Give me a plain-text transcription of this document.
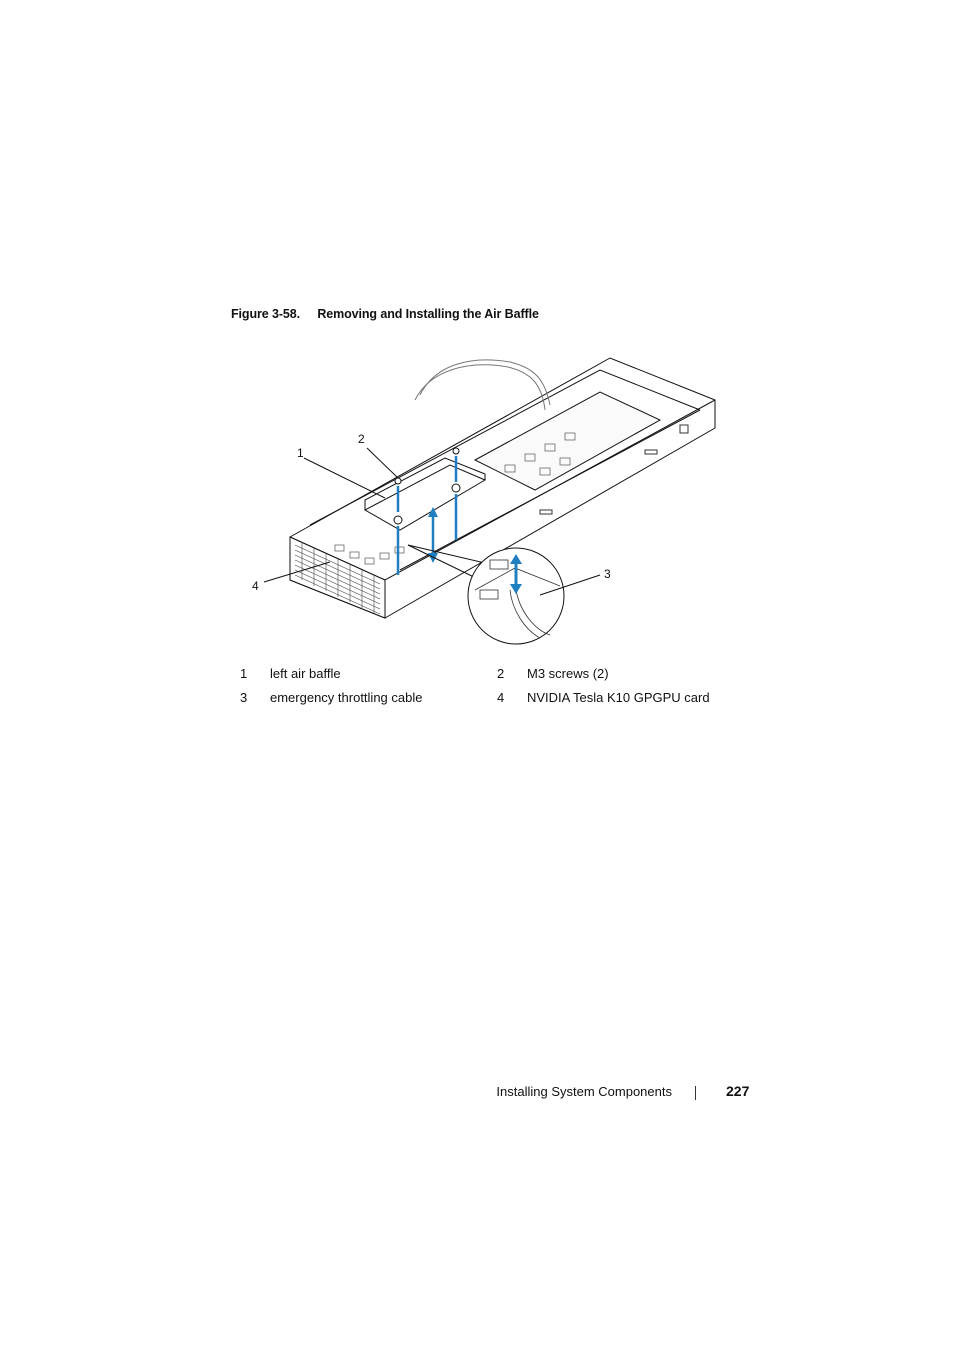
Figure 3-58. Removing and Installing the Air Baffle
1
2
3
4
1 left air baffle	2 M3 screws (2)
3 emergency throttling cable	4 NVIDIA Tesla K10 GPGPU card
Installing System Components	227
